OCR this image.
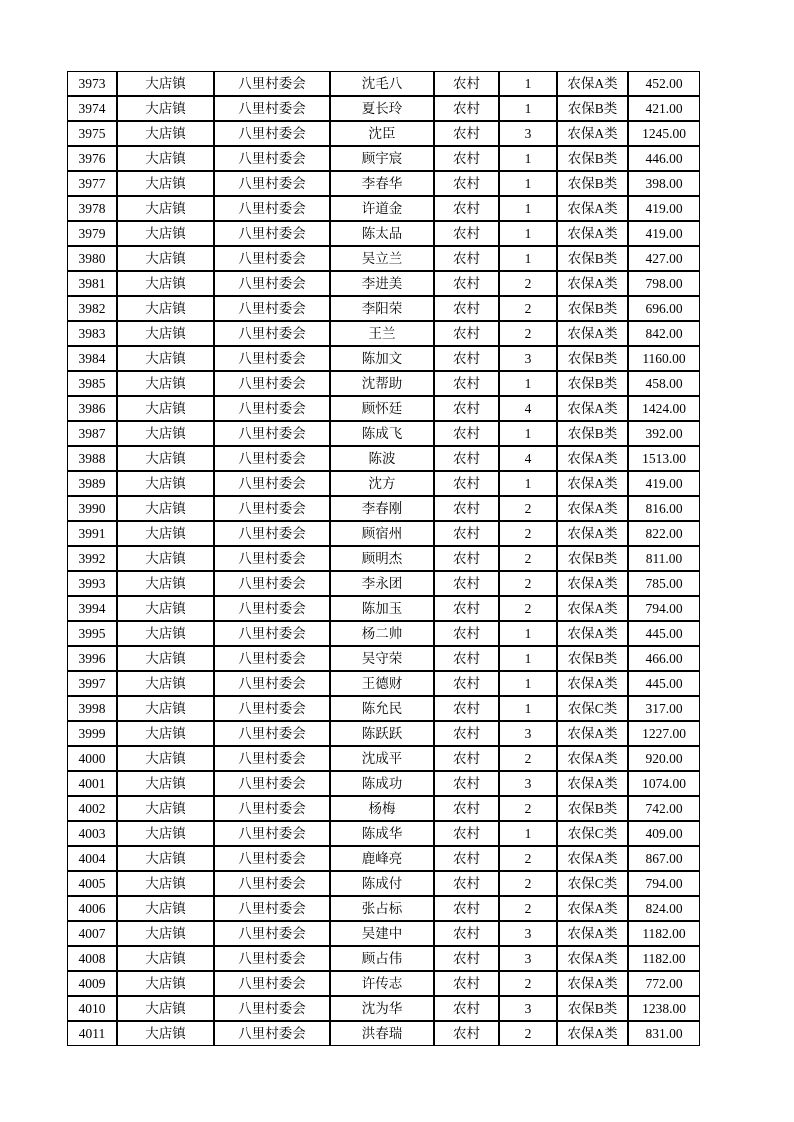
3973	大店镇	八里村委会	沈毛八	农村	1	农保A类	452.00
3974	大店镇	八里村委会	夏长玲	农村	1	农保B类	421.00
3975	大店镇	八里村委会	沈臣	农村	3	农保A类	1245.00
3976	大店镇	八里村委会	顾宇宸	农村	1	农保B类	446.00
3977	大店镇	八里村委会	李春华	农村	1	农保B类	398.00
3978	大店镇	八里村委会	许道金	农村	1	农保A类	419.00
3979	大店镇	八里村委会	陈太品	农村	1	农保A类	419.00
3980	大店镇	八里村委会	吴立兰	农村	1	农保B类	427.00
3981	大店镇	八里村委会	李进美	农村	2	农保A类	798.00
3982	大店镇	八里村委会	李阳荣	农村	2	农保B类	696.00
3983	大店镇	八里村委会	王兰	农村	2	农保A类	842.00
3984	大店镇	八里村委会	陈加文	农村	3	农保B类	1160.00
3985	大店镇	八里村委会	沈帮助	农村	1	农保B类	458.00
3986	大店镇	八里村委会	顾怀廷	农村	4	农保A类	1424.00
3987	大店镇	八里村委会	陈成飞	农村	1	农保B类	392.00
3988	大店镇	八里村委会	陈波	农村	4	农保A类	1513.00
3989	大店镇	八里村委会	沈方	农村	1	农保A类	419.00
3990	大店镇	八里村委会	李春刚	农村	2	农保A类	816.00
3991	大店镇	八里村委会	顾宿州	农村	2	农保A类	822.00
3992	大店镇	八里村委会	顾明杰	农村	2	农保B类	811.00
3993	大店镇	八里村委会	李永团	农村	2	农保A类	785.00
3994	大店镇	八里村委会	陈加玉	农村	2	农保A类	794.00
3995	大店镇	八里村委会	杨二帅	农村	1	农保A类	445.00
3996	大店镇	八里村委会	吴守荣	农村	1	农保B类	466.00
3997	大店镇	八里村委会	王德财	农村	1	农保A类	445.00
3998	大店镇	八里村委会	陈允民	农村	1	农保C类	317.00
3999	大店镇	八里村委会	陈跃跃	农村	3	农保A类	1227.00
4000	大店镇	八里村委会	沈成平	农村	2	农保A类	920.00
4001	大店镇	八里村委会	陈成功	农村	3	农保A类	1074.00
4002	大店镇	八里村委会	杨梅	农村	2	农保B类	742.00
4003	大店镇	八里村委会	陈成华	农村	1	农保C类	409.00
4004	大店镇	八里村委会	鹿峰亮	农村	2	农保A类	867.00
4005	大店镇	八里村委会	陈成付	农村	2	农保C类	794.00
4006	大店镇	八里村委会	张占标	农村	2	农保A类	824.00
4007	大店镇	八里村委会	吴建中	农村	3	农保A类	1182.00
4008	大店镇	八里村委会	顾占伟	农村	3	农保A类	1182.00
4009	大店镇	八里村委会	许传志	农村	2	农保A类	772.00
4010	大店镇	八里村委会	沈为华	农村	3	农保B类	1238.00
4011	大店镇	八里村委会	洪春瑞	农村	2	农保A类	831.00
